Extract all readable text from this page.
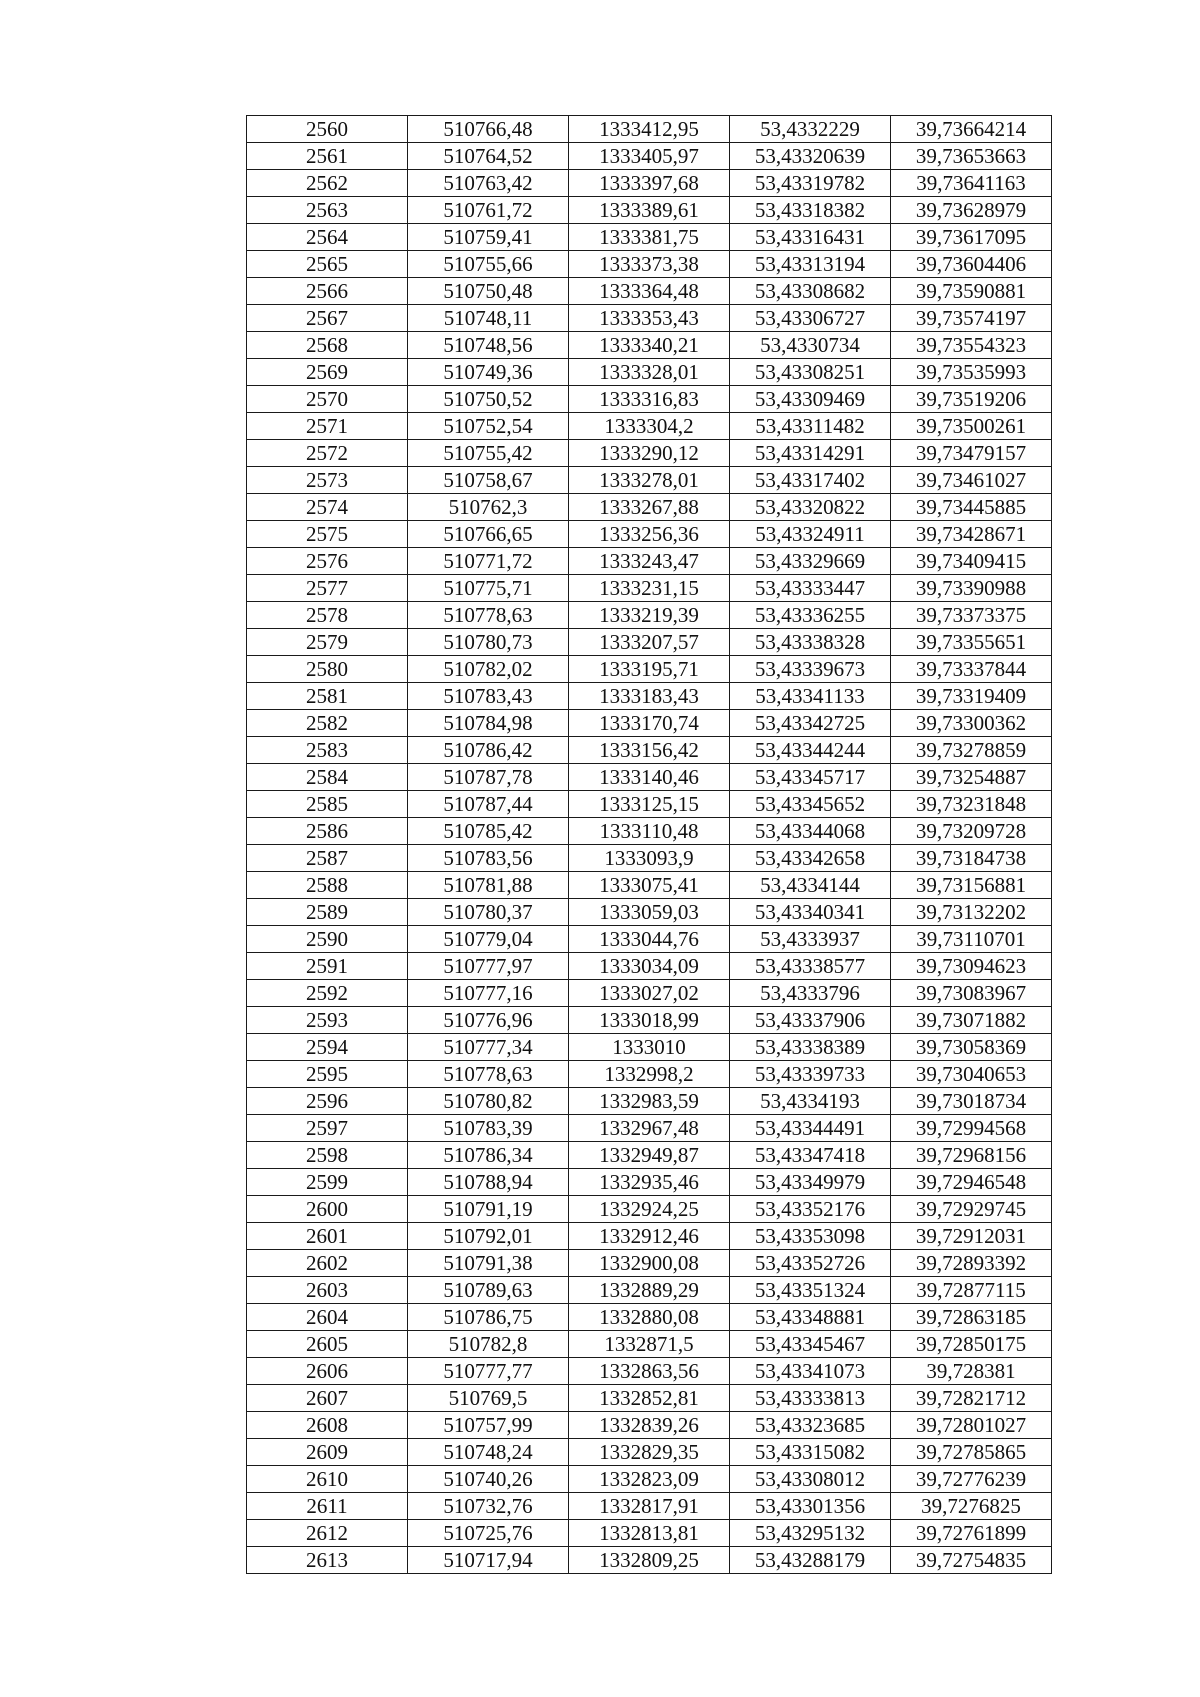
2560	510766,48	1333412,95	53,4332229	39,73664214
2561	510764,52	1333405,97	53,43320639	39,73653663
2562	510763,42	1333397,68	53,43319782	39,73641163
2563	510761,72	1333389,61	53,43318382	39,73628979
2564	510759,41	1333381,75	53,43316431	39,73617095
2565	510755,66	1333373,38	53,43313194	39,73604406
2566	510750,48	1333364,48	53,43308682	39,73590881
2567	510748,11	1333353,43	53,43306727	39,73574197
2568	510748,56	1333340,21	53,4330734	39,73554323
2569	510749,36	1333328,01	53,43308251	39,73535993
2570	510750,52	1333316,83	53,43309469	39,73519206
2571	510752,54	1333304,2	53,43311482	39,73500261
2572	510755,42	1333290,12	53,43314291	39,73479157
2573	510758,67	1333278,01	53,43317402	39,73461027
2574	510762,3	1333267,88	53,43320822	39,73445885
2575	510766,65	1333256,36	53,43324911	39,73428671
2576	510771,72	1333243,47	53,43329669	39,73409415
2577	510775,71	1333231,15	53,43333447	39,73390988
2578	510778,63	1333219,39	53,43336255	39,73373375
2579	510780,73	1333207,57	53,43338328	39,73355651
2580	510782,02	1333195,71	53,43339673	39,73337844
2581	510783,43	1333183,43	53,43341133	39,73319409
2582	510784,98	1333170,74	53,43342725	39,73300362
2583	510786,42	1333156,42	53,43344244	39,73278859
2584	510787,78	1333140,46	53,43345717	39,73254887
2585	510787,44	1333125,15	53,43345652	39,73231848
2586	510785,42	1333110,48	53,43344068	39,73209728
2587	510783,56	1333093,9	53,43342658	39,73184738
2588	510781,88	1333075,41	53,4334144	39,73156881
2589	510780,37	1333059,03	53,43340341	39,73132202
2590	510779,04	1333044,76	53,4333937	39,73110701
2591	510777,97	1333034,09	53,43338577	39,73094623
2592	510777,16	1333027,02	53,4333796	39,73083967
2593	510776,96	1333018,99	53,43337906	39,73071882
2594	510777,34	1333010	53,43338389	39,73058369
2595	510778,63	1332998,2	53,43339733	39,73040653
2596	510780,82	1332983,59	53,4334193	39,73018734
2597	510783,39	1332967,48	53,43344491	39,72994568
2598	510786,34	1332949,87	53,43347418	39,72968156
2599	510788,94	1332935,46	53,43349979	39,72946548
2600	510791,19	1332924,25	53,43352176	39,72929745
2601	510792,01	1332912,46	53,43353098	39,72912031
2602	510791,38	1332900,08	53,43352726	39,72893392
2603	510789,63	1332889,29	53,43351324	39,72877115
2604	510786,75	1332880,08	53,43348881	39,72863185
2605	510782,8	1332871,5	53,43345467	39,72850175
2606	510777,77	1332863,56	53,43341073	39,728381
2607	510769,5	1332852,81	53,43333813	39,72821712
2608	510757,99	1332839,26	53,43323685	39,72801027
2609	510748,24	1332829,35	53,43315082	39,72785865
2610	510740,26	1332823,09	53,43308012	39,72776239
2611	510732,76	1332817,91	53,43301356	39,7276825
2612	510725,76	1332813,81	53,43295132	39,72761899
2613	510717,94	1332809,25	53,43288179	39,72754835
